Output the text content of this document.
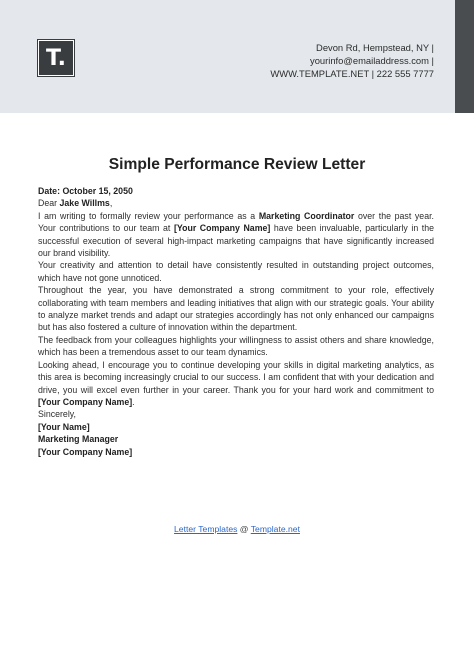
T.	Devon Rd, Hempstead, NY |
yourinfo@emailaddress.com |
WWW.TEMPLATE.NET | 222 555 7777
Simple Performance Review Letter

Date: October 15, 2050

Dear Jake Willms,

I am writing to formally review your performance as a Marketing Coordinator over the past year. Your contributions to our team at [Your Company Name] have been invaluable, particularly in the successful execution of several high-impact marketing campaigns that have significantly increased our brand visibility.

Your creativity and attention to detail have consistently resulted in outstanding project outcomes, which have not gone unnoticed.

Throughout the year, you have demonstrated a strong commitment to your role, effectively collaborating with team members and leading initiatives that align with our strategic goals. Your ability to analyze market trends and adapt our strategies accordingly has not only enhanced our campaigns but has also fostered a culture of innovation within the department.

The feedback from your colleagues highlights your willingness to assist others and share knowledge, which has been a tremendous asset to our team dynamics.

Looking ahead, I encourage you to continue developing your skills in digital marketing analytics, as this area is becoming increasingly crucial to our success. I am confident that with your dedication and drive, you will excel even further in your career. Thank you for your hard work and commitment to [Your Company Name].

Sincerely,

[Your Name]

Marketing Manager

[Your Company Name]

Letter Templates @ Template.net
